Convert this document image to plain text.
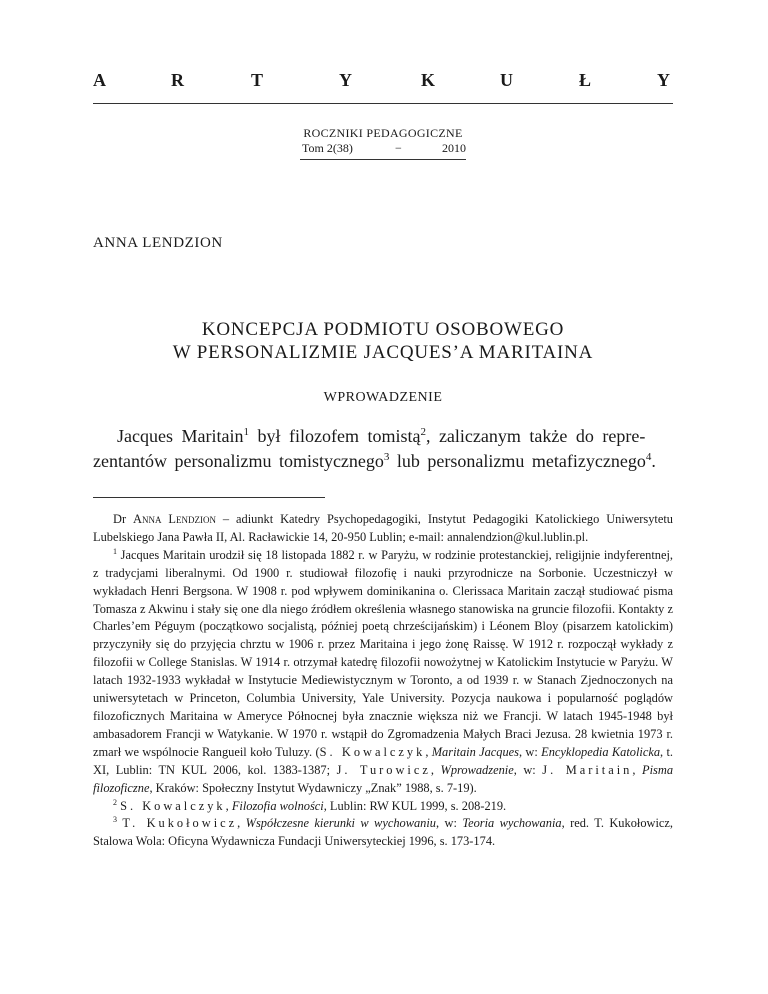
A	R	T	Y	K	U	Ł	Y
ROCZNIKI PEDAGOGICZNE
Tom 2(38)	−	2010
ANNA LENDZION
KONCEPCJA PODMIOTU OSOBOWEGO
W PERSONALIZMIE JACQUES’A MARITAINA
WPROWADZENIE
Jacques Maritain$^1$ był filozofem tomistą$^2$, zaliczanym także do repre-
zentantów personalizmu tomistycznego$^3$ lub personalizmu metafizycznego$^4$.

Dr Anna Lendzion – adiunkt Katedry Psychopedagogiki, Instytut Pedagogiki Katolickiego Uniwersytetu Lubelskiego Jana Pawła II, Al. Racławickie 14, 20-950 Lublin; e-mail: annalendzion@kul.lublin.pl.

$^1$ Jacques Maritain urodził się 18 listopada 1882 r. w Paryżu, w rodzinie protestanckiej, religijnie indyferentnej, z tradycjami liberalnymi. Od 1900 r. studiował filozofię i nauki przyrodnicze na Sorbonie. Uczestniczył w wykładach Henri Bergsona. W 1908 r. pod wpływem dominikanina o. Clerissaca Maritain zaczął studiować pisma Tomasza z Akwinu i stały się one dla niego źródłem określenia własnego stanowiska na gruncie filozofii. Kontakty z Charles’em Péguym (początkowo socjalistą, później poetą chrześcijańskim) i Léonem Bloy (pisarzem katolickim) przyczyniły się do przyjęcia chrztu w 1906 r. przez Maritaina i jego żonę Raissę. W 1912 r. rozpoczął wykłady z filozofii w College Stanislas. W 1914 r. otrzymał katedrę filozofii nowożytnej w Katolickim Instytucie w Paryżu. W latach 1932-1933 wykładał w Instytucie Mediewistycznym w Toronto, a od 1939 r. w Stanach Zjednoczonych na uniwersytetach w Princeton, Columbia University, Yale University. Pozycja naukowa i popularność poglądów filozoficznych Maritaina w Ameryce Północnej była znacznie większa niż we Francji. W latach 1945-1948 był ambasadorem Francji w Watykanie. W 1970 r. wstąpił do Zgromadzenia Małych Braci Jezusa. 28 kwietnia 1973 r. zmarł we wspólnocie Rangueil koło Tuluzy. (S. Kowalczyk, Maritain Jacques, w: Encyklopedia Katolicka, t. XI, Lublin: TN KUL 2006, kol. 1383-1387; J. Turowicz, Wprowadzenie, w: J. Maritain, Pisma filozoficzne, Kraków: Społeczny Instytut Wydawniczy „Znak” 1988, s. 7-19).

$^2$ S. Kowalczyk, Filozofia wolności, Lublin: RW KUL 1999, s. 208-219.

$^3$ T. Kukołowicz, Współczesne kierunki w wychowaniu, w: Teoria wychowania, red. T. Kukołowicz, Stalowa Wola: Oficyna Wydawnicza Fundacji Uniwersyteckiej 1996, s. 173-174.
